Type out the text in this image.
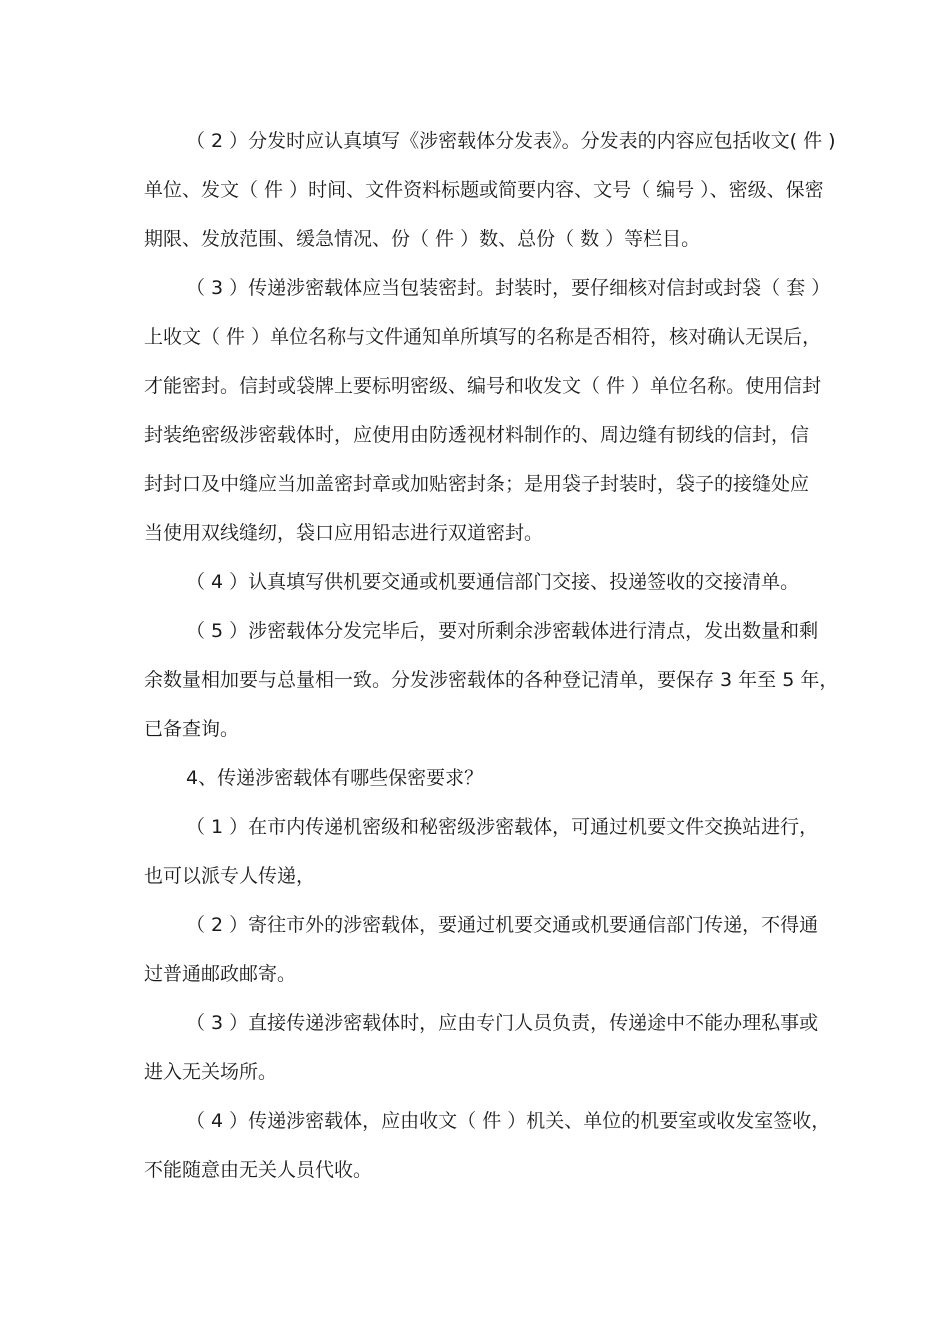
（ 2 ）分发时应认真填写《涉密载体分发表》。分发表的内容应包括收文( 件 )
单位、发文（ 件 ）时间、文件资料标题或简要内容、文号（ 编号 ）、密级、保密
期限、发放范围、缓急情况、份（ 件 ）数、总份（ 数 ）等栏目。
（ 3 ）传递涉密载体应当包装密封。封装时，要仔细核对信封或封袋（ 套 ）
上收文（ 件 ）单位名称与文件通知单所填写的名称是否相符，核对确认无误后，
才能密封。信封或袋牌上要标明密级、编号和收发文（ 件 ）单位名称。使用信封
封装绝密级涉密载体时，应使用由防透视材料制作的、周边缝有韧线的信封，信
封封口及中缝应当加盖密封章或加贴密封条；是用袋子封装时，袋子的接缝处应
当使用双线缝纫，袋口应用铅志进行双道密封。
（ 4 ）认真填写供机要交通或机要通信部门交接、投递签收的交接清单。
（ 5 ）涉密载体分发完毕后，要对所剩余涉密载体进行清点，发出数量和剩
余数量相加要与总量相一致。分发涉密载体的各种登记清单，要保存 3 年至 5 年，
已备查询。
4、传递涉密载体有哪些保密要求？
（ 1 ）在市内传递机密级和秘密级涉密载体，可通过机要文件交换站进行，
也可以派专人传递，
（ 2 ）寄往市外的涉密载体，要通过机要交通或机要通信部门传递，不得通
过普通邮政邮寄。
（ 3 ）直接传递涉密载体时，应由专门人员负责，传递途中不能办理私事或
进入无关场所。
（ 4 ）传递涉密载体，应由收文（ 件 ）机关、单位的机要室或收发室签收，
不能随意由无关人员代收。
